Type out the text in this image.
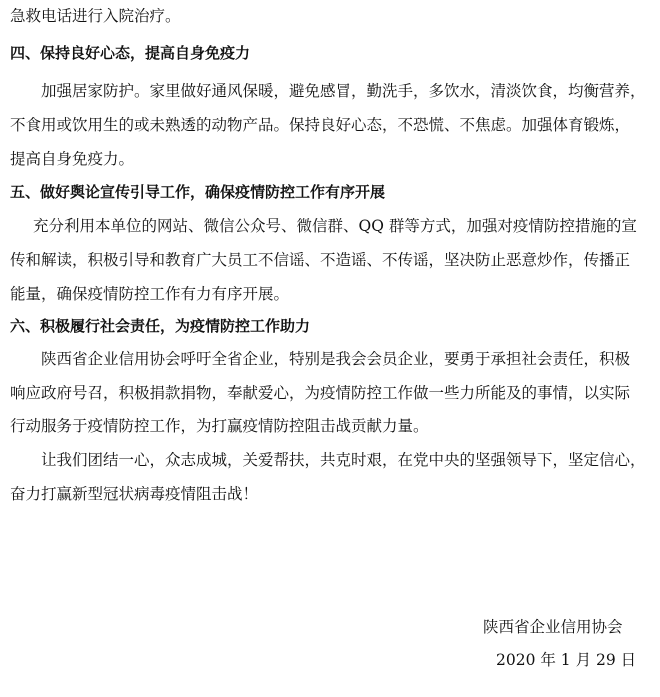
急救电话进行入院治疗。
四、保持良好心态，提高自身免疫力
加强居家防护。家里做好通风保暖，避免感冒，勤洗手，多饮水，清淡饮食，均衡营养，
不食用或饮用生的或未熟透的动物产品。保持良好心态，不恐慌、不焦虑。加强体育锻炼，
提高自身免疫力。
五、做好舆论宣传引导工作，确保疫情防控工作有序开展
充分利用本单位的网站、微信公众号、微信群、QQ 群等方式，加强对疫情防控措施的宣
传和解读，积极引导和教育广大员工不信谣、不造谣、不传谣，坚决防止恶意炒作，传播正
能量，确保疫情防控工作有力有序开展。
六、积极履行社会责任，为疫情防控工作助力
陕西省企业信用协会呼吁全省企业，特别是我会会员企业，要勇于承担社会责任，积极
响应政府号召，积极捐款捐物，奉献爱心，为疫情防控工作做一些力所能及的事情，以实际
行动服务于疫情防控工作，为打赢疫情防控阻击战贡献力量。
让我们团结一心，众志成城，关爱帮扶，共克时艰，在党中央的坚强领导下，坚定信心，
奋力打赢新型冠状病毒疫情阻击战！
陕西省企业信用协会
2020 年 1 月 29 日
